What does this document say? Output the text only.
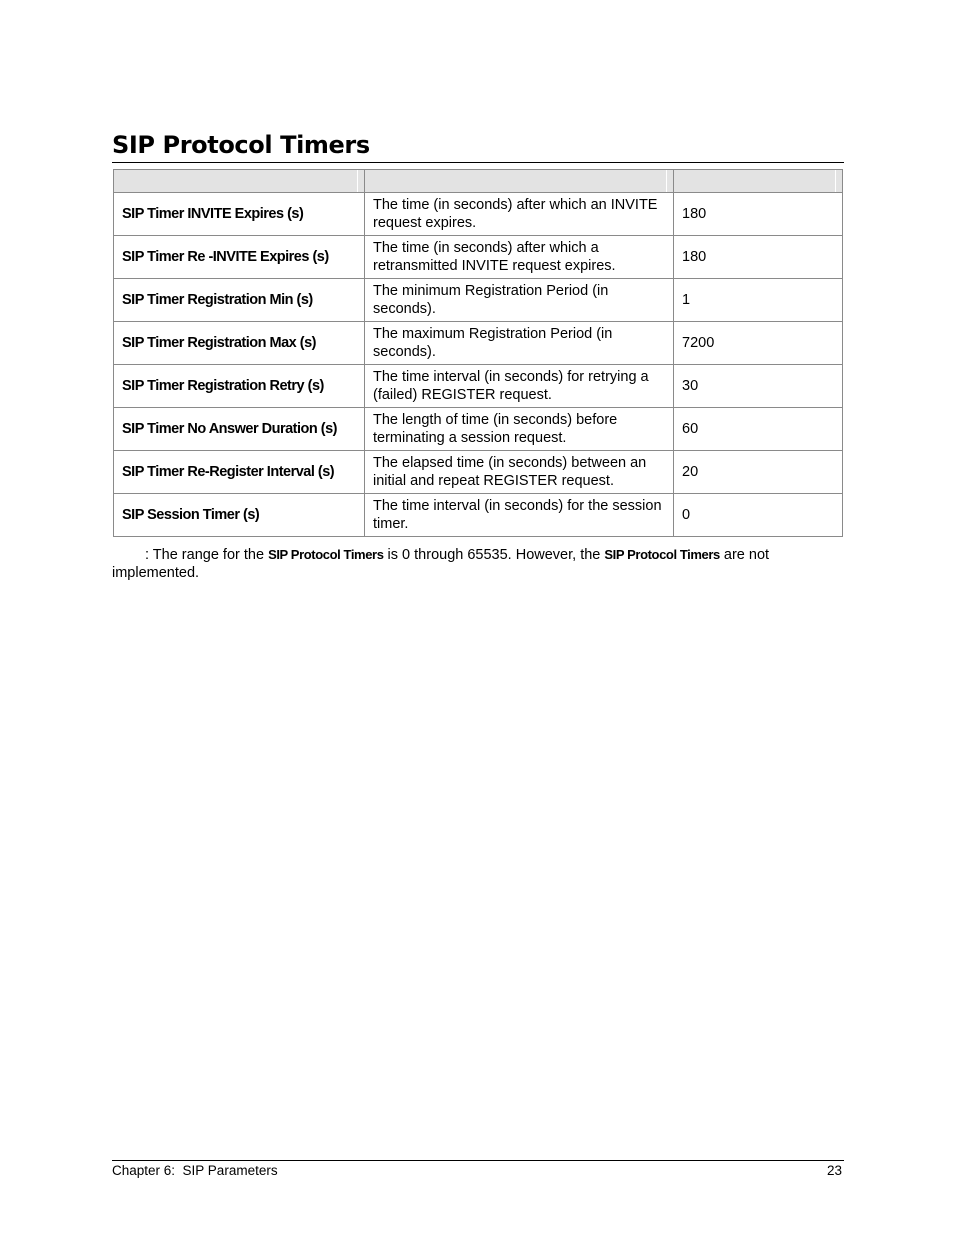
SIP Protocol Timers

SIP Timer INVITE Expires (s)	The time (in seconds) after which an INVITE request expires.	180
SIP Timer Re -INVITE Expires (s)	The time (in seconds) after which a retransmitted INVITE request expires.	180
SIP Timer Registration Min (s)	The minimum Registration Period (in seconds).	1
SIP Timer Registration Max (s)	The maximum Registration Period (in seconds).	7200
SIP Timer Registration Retry (s)	The time interval (in seconds) for retrying a (failed) REGISTER request.	30
SIP Timer No Answer Duration (s)	The length of time (in seconds) before terminating a session request.	60
SIP Timer Re-Register Interval (s)	The elapsed time (in seconds) between an initial and repeat REGISTER request.	20
SIP Session Timer (s)	The time interval (in seconds) for the session timer.	0

: The range for the SIP Protocol Timers is 0 through 65535. However, the SIP Protocol Timers are not implemented.

Chapter 6:  SIP Parameters	23
